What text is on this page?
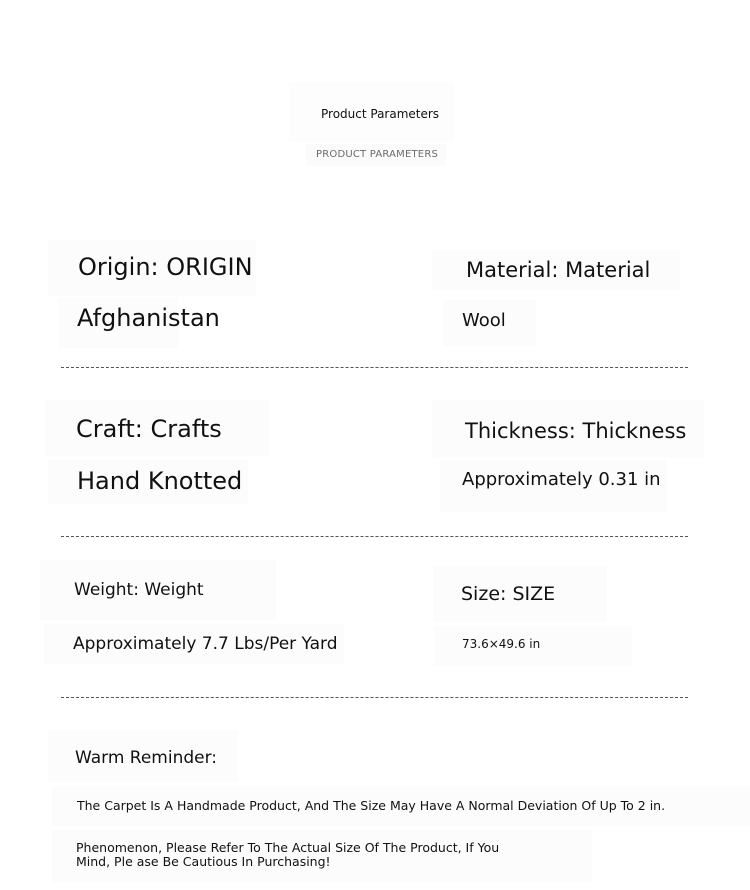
Product Parameters
PRODUCT PARAMETERS
Origin: ORIGIN
Afghanistan
Material: Material
Wool
Craft: Crafts
Hand Knotted
Thickness: Thickness
Approximately 0.31 in
Weight: Weight
Approximately 7.7 Lbs/Per Yard
Size: SIZE
73.6×49.6 in
Warm Reminder:
The Carpet Is A Handmade Product, And The Size May Have A Normal Deviation Of Up To 2 in.
Phenomenon, Please Refer To The Actual Size Of The Product, If You Mind, Ple ase Be Cautious In Purchasing!
